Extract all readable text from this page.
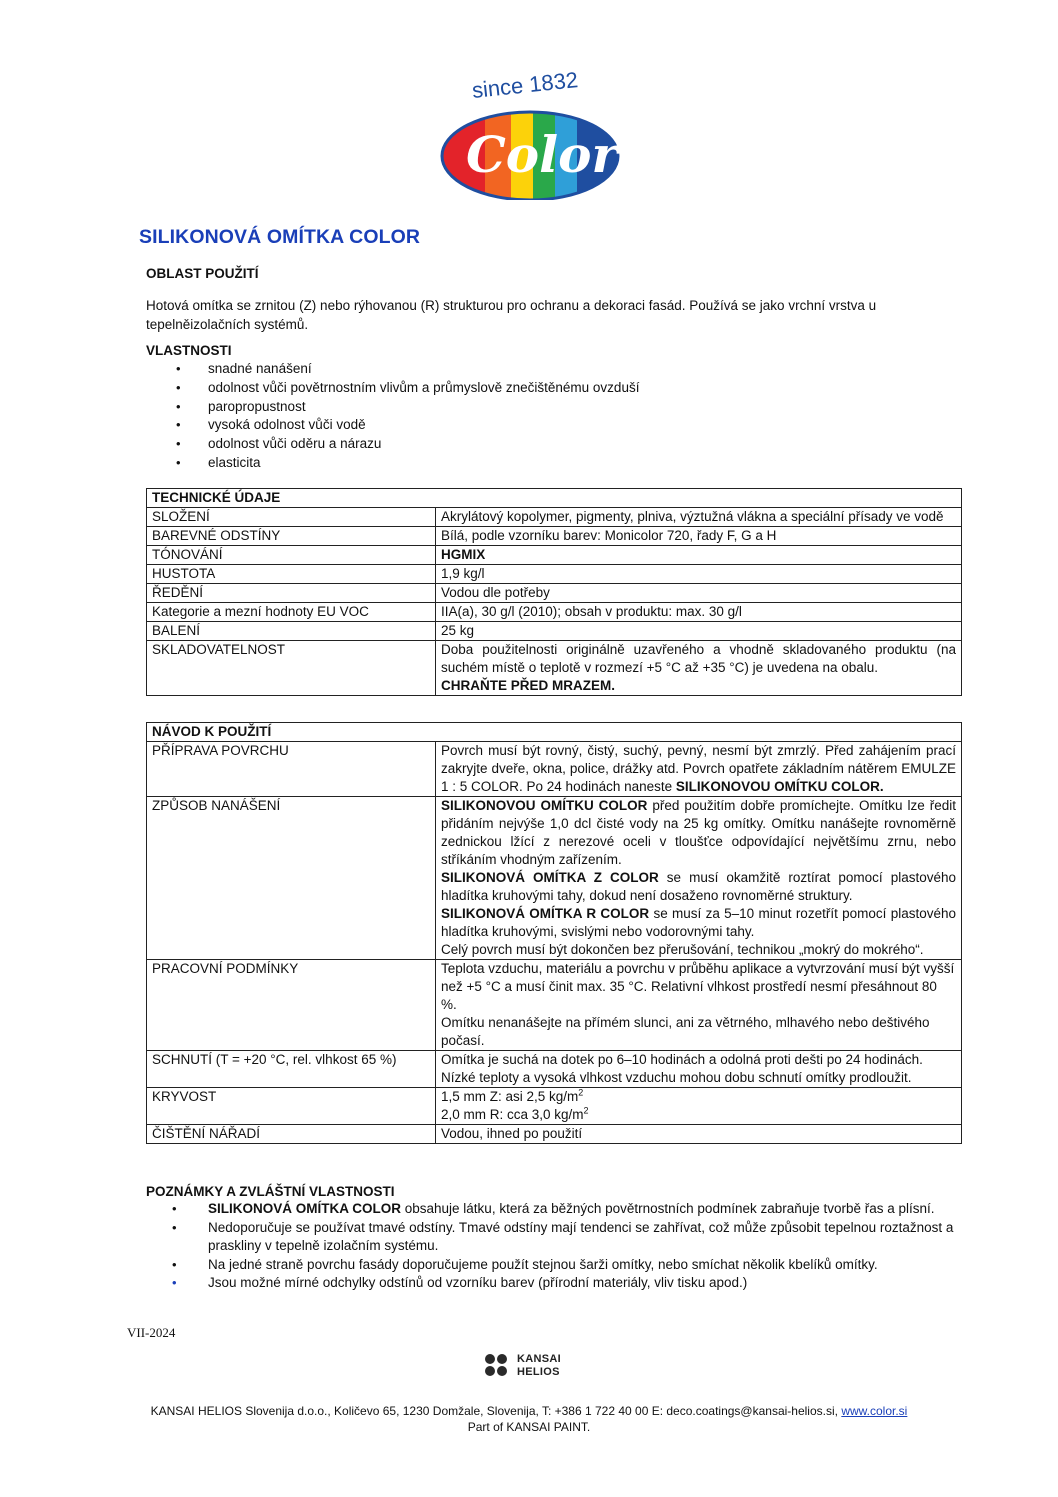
since 1832
Color
SILIKONOVÁ OMÍTKA COLOR
OBLAST POUŽITÍ
Hotová omítka se zrnitou (Z) nebo rýhovanou (R) strukturou pro ochranu a dekoraci fasád. Používá se jako vrchní vrstva u tepelněizolačních systémů.
VLASTNOSTI
• snadné nanášení
• odolnost vůči povětrnostním vlivům a průmyslově znečištěnému ovzduší
• paropropustnost
• vysoká odolnost vůči vodě
• odolnost vůči oděru a nárazu
• elasticita
TECHNICKÉ ÚDAJE	
SLOŽENÍ	Akrylátový kopolymer, pigmenty, plniva, výztužná vlákna a speciální přísady ve vodě
BAREVNÉ ODSTÍNY	Bílá, podle vzorníku barev: Monicolor 720, řady F, G a H
TÓNOVÁNÍ	HGMIX
HUSTOTA	1,9 kg/l
ŘEDĚNÍ	Vodou dle potřeby
Kategorie a mezní hodnoty EU VOC	IIA(a), 30 g/l (2010); obsah v produktu: max. 30 g/l
BALENÍ	25 kg
SKLADOVATELNOST	Doba použitelnosti originálně uzavřeného a vhodně skladovaného produktu (na suchém místě o teplotě v rozmezí +5 °C až +35 °C) je uvedena na obalu.
CHRAŇTE PŘED MRAZEM.
NÁVOD K POUŽITÍ	
PŘÍPRAVA POVRCHU	Povrch musí být rovný, čistý, suchý, pevný, nesmí být zmrzlý. Před zahájením prací zakryjte dveře, okna, police, drážky atd. Povrch opatřete základním nátěrem EMULZE 1 : 5 COLOR. Po 24 hodinách naneste SILIKONOVOU OMÍTKU COLOR.
ZPŮSOB NANÁŠENÍ	SILIKONOVOU OMÍTKU COLOR před použitím dobře promíchejte. Omítku lze ředit přidáním nejvýše 1,0 dcl čisté vody na 25 kg omítky. Omítku nanášejte rovnoměrně zednickou lžící z nerezové oceli v tloušťce odpovídající největšímu zrnu, nebo stříkáním vhodným zařízením.
SILIKONOVÁ OMÍTKA Z COLOR se musí okamžitě roztírat pomocí plastového hladítka kruhovými tahy, dokud není dosaženo rovnoměrné struktury.
SILIKONOVÁ OMÍTKA R COLOR se musí za 5–10 minut rozetřít pomocí plastového hladítka kruhovými, svislými nebo vodorovnými tahy.
Celý povrch musí být dokončen bez přerušování, technikou „mokrý do mokrého“.
PRACOVNÍ PODMÍNKY	Teplota vzduchu, materiálu a povrchu v průběhu aplikace a vytvrzování musí být vyšší než +5 °C a musí činit max. 35 °C. Relativní vlhkost prostředí nesmí přesáhnout 80 %.
Omítku nenanášejte na přímém slunci, ani za větrného, mlhavého nebo deštivého počasí.
SCHNUTÍ (T = +20 °C, rel. vlhkost 65 %)	Omítka je suchá na dotek po 6–10 hodinách a odolná proti dešti po 24 hodinách. Nízké teploty a vysoká vlhkost vzduchu mohou dobu schnutí omítky prodloužit.
KRYVOST	1,5 mm Z: asi 2,5 $kg/m^2$
2,0 mm R: cca 3,0 $kg/m^2$
ČIŠTĚNÍ NÁŘADÍ	Vodou, ihned po použití
POZNÁMKY A ZVLÁŠTNÍ VLASTNOSTI
• SILIKONOVÁ OMÍTKA COLOR obsahuje látku, která za běžných povětrnostních podmínek zabraňuje tvorbě řas a plísní.
• Nedoporučuje se používat tmavé odstíny. Tmavé odstíny mají tendenci se zahřívat, což může způsobit tepelnou roztažnost a praskliny v tepelně izolačním systému.
• Na jedné straně povrchu fasády doporučujeme použít stejnou šarži omítky, nebo smíchat několik kbelíků omítky.
• Jsou možné mírné odchylky odstínů od vzorníku barev (přírodní materiály, vliv tisku apod.)
VII-2024
KANSAI
HELIOS
KANSAI HELIOS Slovenija d.o.o., Količevo 65, 1230 Domžale, Slovenija, T: +386 1 722 40 00 E: deco.coatings@kansai-helios.si, www.color.si
Part of KANSAI PAINT.
